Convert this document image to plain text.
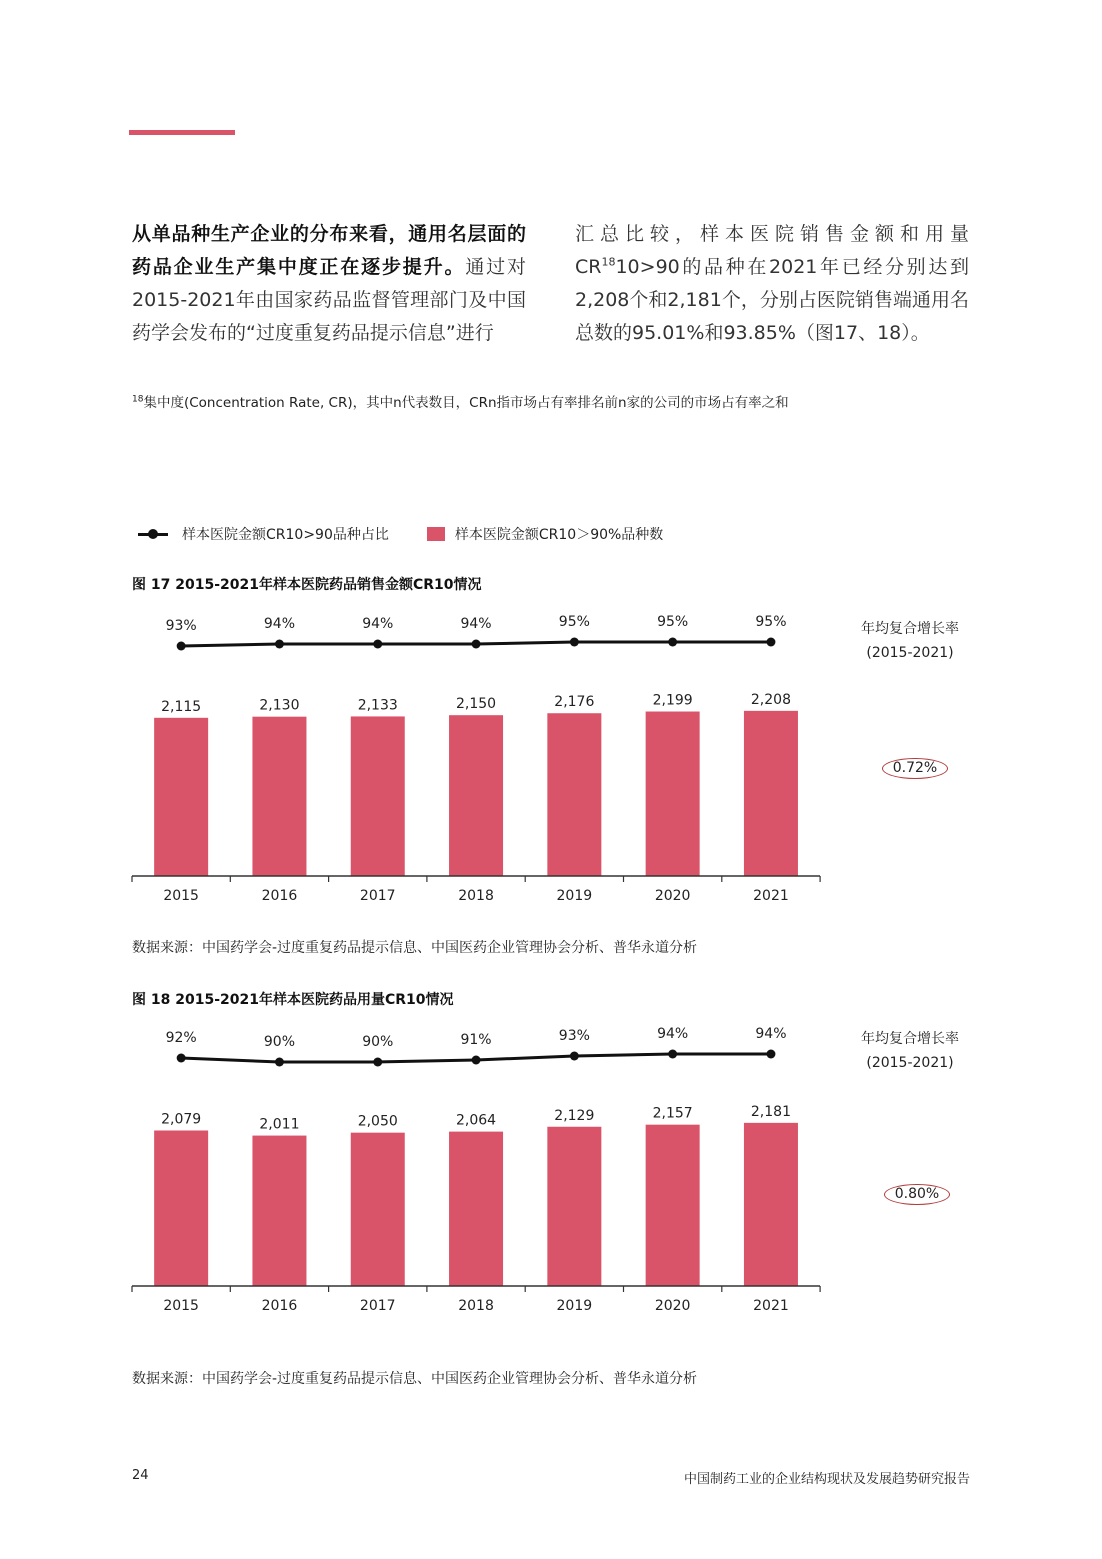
从单品种生产企业的分布来看，通用名层面的药品企业生产集中度正在逐步提升。通过对2015-2021年由国家药品监督管理部门及中国药学会发布的“过度重复药品提示信息”进行
汇总比较，样本医院销售金额和用量$CR^{18}10>90$的品种在2021年已经分别达到2,208个和2,181个，分别占医院销售端通用名总数的95.01%和93.85%（图17、18）。
$^{18}$集中度(Concentration Rate, CR)，其中n代表数目，CRn指市场占有率排名前n家的公司的市场占有率之和
样本医院金额CR10>90品种占比	样本医院金额CR10＞90%品种数
图 17 2015-2021年样本医院药品销售金额CR10情况
2,115	2,130	2,133	2,150	2,176	2,199	2,208
2015	2016	2017	2018	2019	2020	2021
93%	94%	94%	94%	95%	95%	95%	年均复合增长率
(2015-2021)
0.72%
数据来源：中国药学会-过度重复药品提示信息、中国医药企业管理协会分析、普华永道分析
图 18 2015-2021年样本医院药品用量CR10情况
2,079	2,011	2,050	2,064	2,129	2,157	2,181
2015	2016	2017	2018	2019	2020	2021
92%	90%	90%	91%	93%	94%	94%	年均复合增长率
(2015-2021)
0.80%
数据来源：中国药学会-过度重复药品提示信息、中国医药企业管理协会分析、普华永道分析
24	中国制药工业的企业结构现状及发展趋势研究报告
